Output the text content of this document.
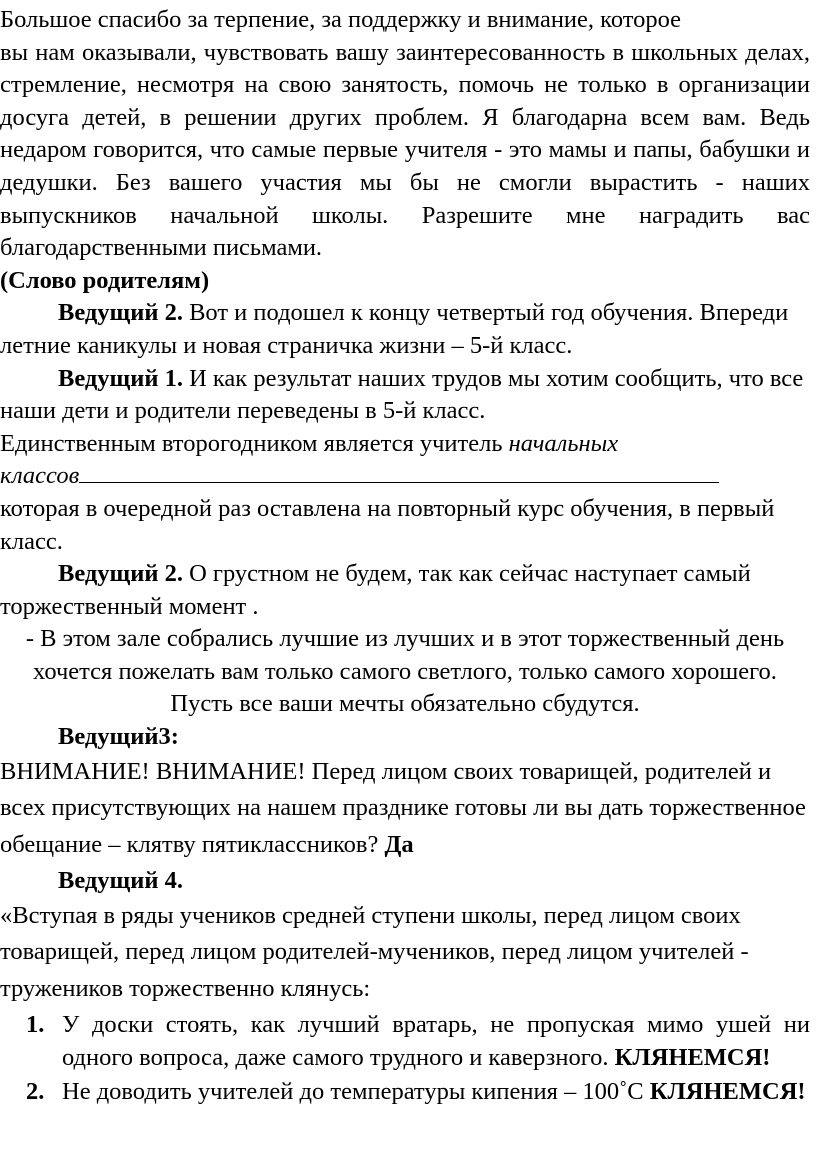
Большое спасибо за терпение, за поддержку и внимание, которое

вы нам оказывали, чувствовать вашу заинтересованность в школьных делах, стремление, несмотря на свою занятость, помочь не только в организации досуга детей, в решении других проблем. Я благодарна всем вам. Ведь недаром говорится, что самые первые учителя - это мамы и папы, бабушки и дедушки. Без вашего участия мы бы не смогли вырастить - наших выпускников начальной школы. Разрешите мне наградить вас благодарственными письмами.

(Слово родителям)

Ведущий 2. Вот и подошел к концу четвертый год обучения. Впереди летние каникулы и новая страничка жизни – 5-й класс.

Ведущий 1. И как результат наших трудов мы хотим сообщить, что все наши дети и родители переведены в 5-й класс.

Единственным второгодником является учитель начальных

классов

которая в очередной раз оставлена на повторный курс обучения, в первый класс.

Ведущий 2. О грустном не будем, так как сейчас наступает самый торжественный момент .

- В этом зале собрались лучшие из лучших и в этот торжественный день хочется пожелать вам только самого светлого, только самого хорошего. Пусть все ваши мечты обязательно сбудутся.

Ведущий3:

ВНИМАНИЕ! ВНИМАНИЕ! Перед лицом своих товарищей, родителей и всех присутствующих на нашем празднике готовы ли вы дать торжественное обещание – клятву пятиклассников? Да

Ведущий 4.

«Вступая в ряды учеников средней ступени школы, перед лицом своих товарищей, перед лицом родителей-мучеников, перед лицом учителей - тружеников торжественно клянусь:

1. У доски стоять, как лучший вратарь, не пропуская мимо ушей ни одного вопроса, даже самого трудного и каверзного. КЛЯНЕМСЯ!

2. Не доводить учителей до температуры кипения – 100˚С КЛЯНЕМСЯ!
